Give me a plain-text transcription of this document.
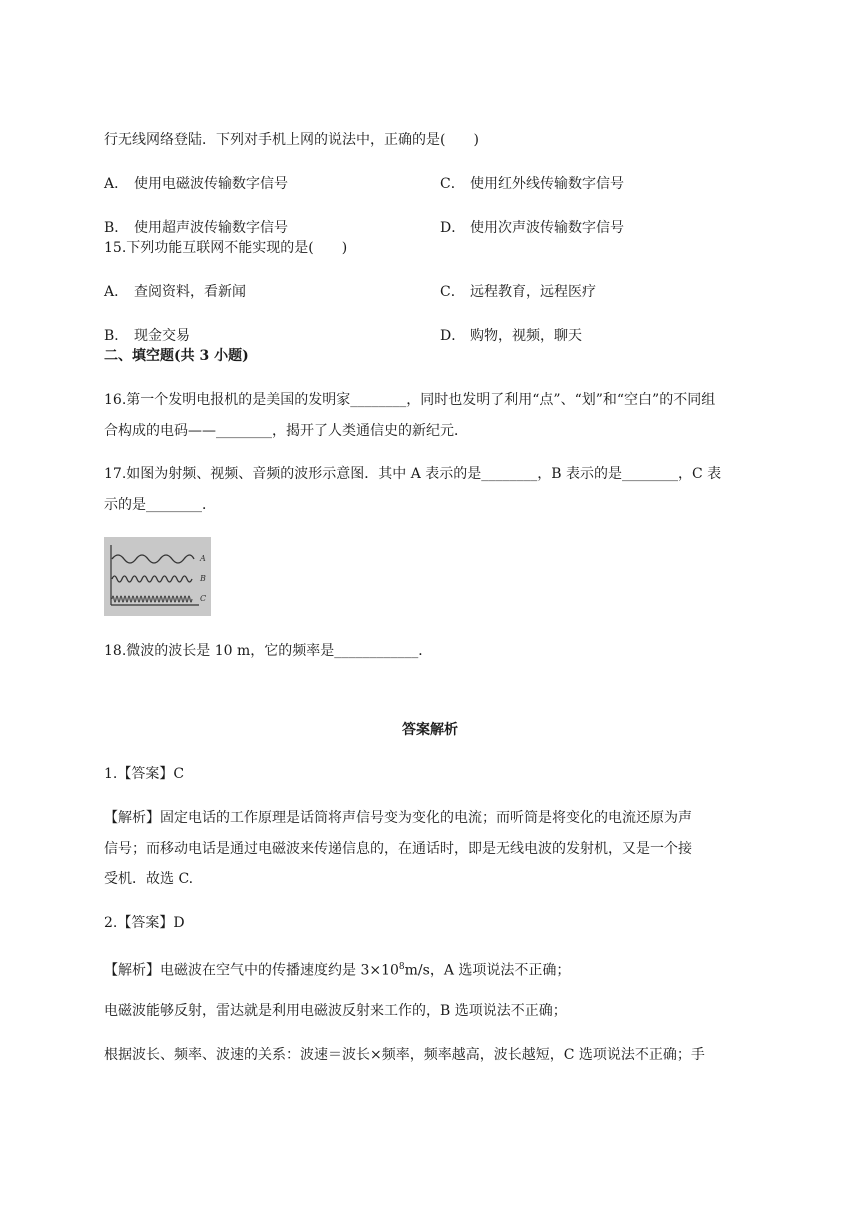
行无线网络登陆．下列对手机上网的说法中，正确的是(　　)
A． 使用电磁波传输数字信号	C． 使用红外线传输数字信号
B． 使用超声波传输数字信号	D． 使用次声波传输数字信号
15.下列功能互联网不能实现的是(　　)
A． 查阅资料，看新闻	C． 远程教育，远程医疗
B． 现金交易	D． 购物，视频，聊天
二、填空题(共 3 小题)
16.第一个发明电报机的是美国的发明家________，同时也发明了利用“点”、“划”和“空白”的不同组
合构成的电码——________，揭开了人类通信史的新纪元．
17.如图为射频、视频、音频的波形示意图．其中 A 表示的是________，B 表示的是________，C 表
示的是________．
A
B
C
18.微波的波长是 10 m，它的频率是____________．
答案解析
1.【答案】C
【解析】固定电话的工作原理是话筒将声信号变为变化的电流；而听筒是将变化的电流还原为声
信号；而移动电话是通过电磁波来传递信息的，在通话时，即是无线电波的发射机，又是一个接
受机．故选 C.
2.【答案】D
【解析】电磁波在空气中的传播速度约是 $3\times 10^8m/s$，A 选项说法不正确；
电磁波能够反射，雷达就是利用电磁波反射来工作的，B 选项说法不正确；
根据波长、频率、波速的关系：波速＝波长×频率，频率越高，波长越短，C 选项说法不正确；手
